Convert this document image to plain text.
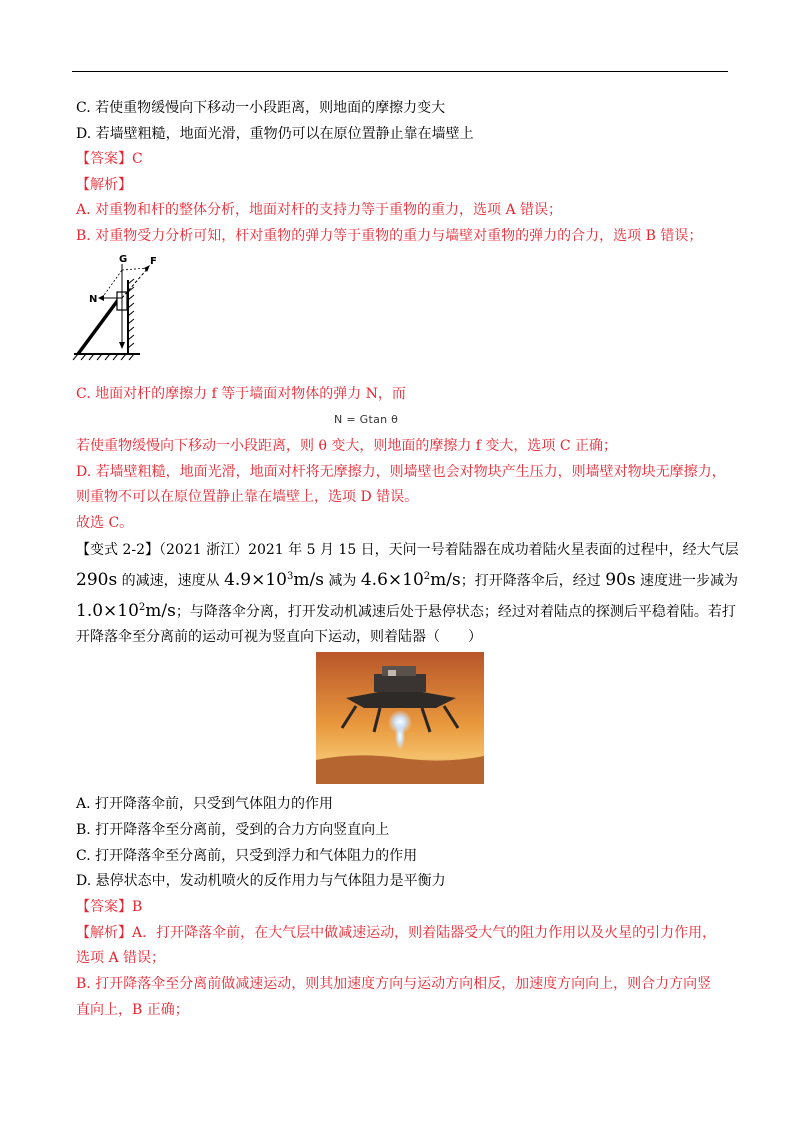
C. 若使重物缓慢向下移动一小段距离，则地面的摩擦力变大
D. 若墙壁粗糙，地面光滑，重物仍可以在原位置静止靠在墙壁上
【答案】C
【解析】
A. 对重物和杆的整体分析，地面对杆的支持力等于重物的重力，选项 A 错误；
B. 对重物受力分析可知，杆对重物的弹力等于重物的重力与墙壁对重物的弹力的合力，选项 B 错误；
G F
N
C. 地面对杆的摩擦力 f 等于墙面对物体的弹力 N，而
N = Gtan θ
若使重物缓慢向下移动一小段距离，则 θ 变大，则地面的摩擦力 f 变大，选项 C 正确；
D. 若墙壁粗糙，地面光滑，地面对杆将无摩擦力，则墙壁也会对物块产生压力，则墙壁对物块无摩擦力，
则重物不可以在原位置静止靠在墙壁上，选项 D 错误。
故选 C。
【变式 2-2】（2021 浙江）2021 年 5 月 15 日，天问一号着陆器在成功着陆火星表面的过程中，经大气层
290s 的减速，速度从 $4.9\times 10^3m/s$ 减为 $4.6\times 10^2m/s$；打开降落伞后，经过 90s 速度进一步减为
$1.0\times 10^2m/s$；与降落伞分离，打开发动机减速后处于悬停状态；经过对着陆点的探测后平稳着陆。若打
开降落伞至分离前的运动可视为竖直向下运动，则着陆器（　　）
A. 打开降落伞前，只受到气体阻力的作用
B. 打开降落伞至分离前，受到的合力方向竖直向上
C. 打开降落伞至分离前，只受到浮力和气体阻力的作用
D. 悬停状态中，发动机喷火的反作用力与气体阻力是平衡力
【答案】B
【解析】A．打开降落伞前，在大气层中做减速运动，则着陆器受大气的阻力作用以及火星的引力作用，
选项 A 错误；
B. 打开降落伞至分离前做减速运动，则其加速度方向与运动方向相反，加速度方向向上，则合力方向竖
直向上，B 正确；
